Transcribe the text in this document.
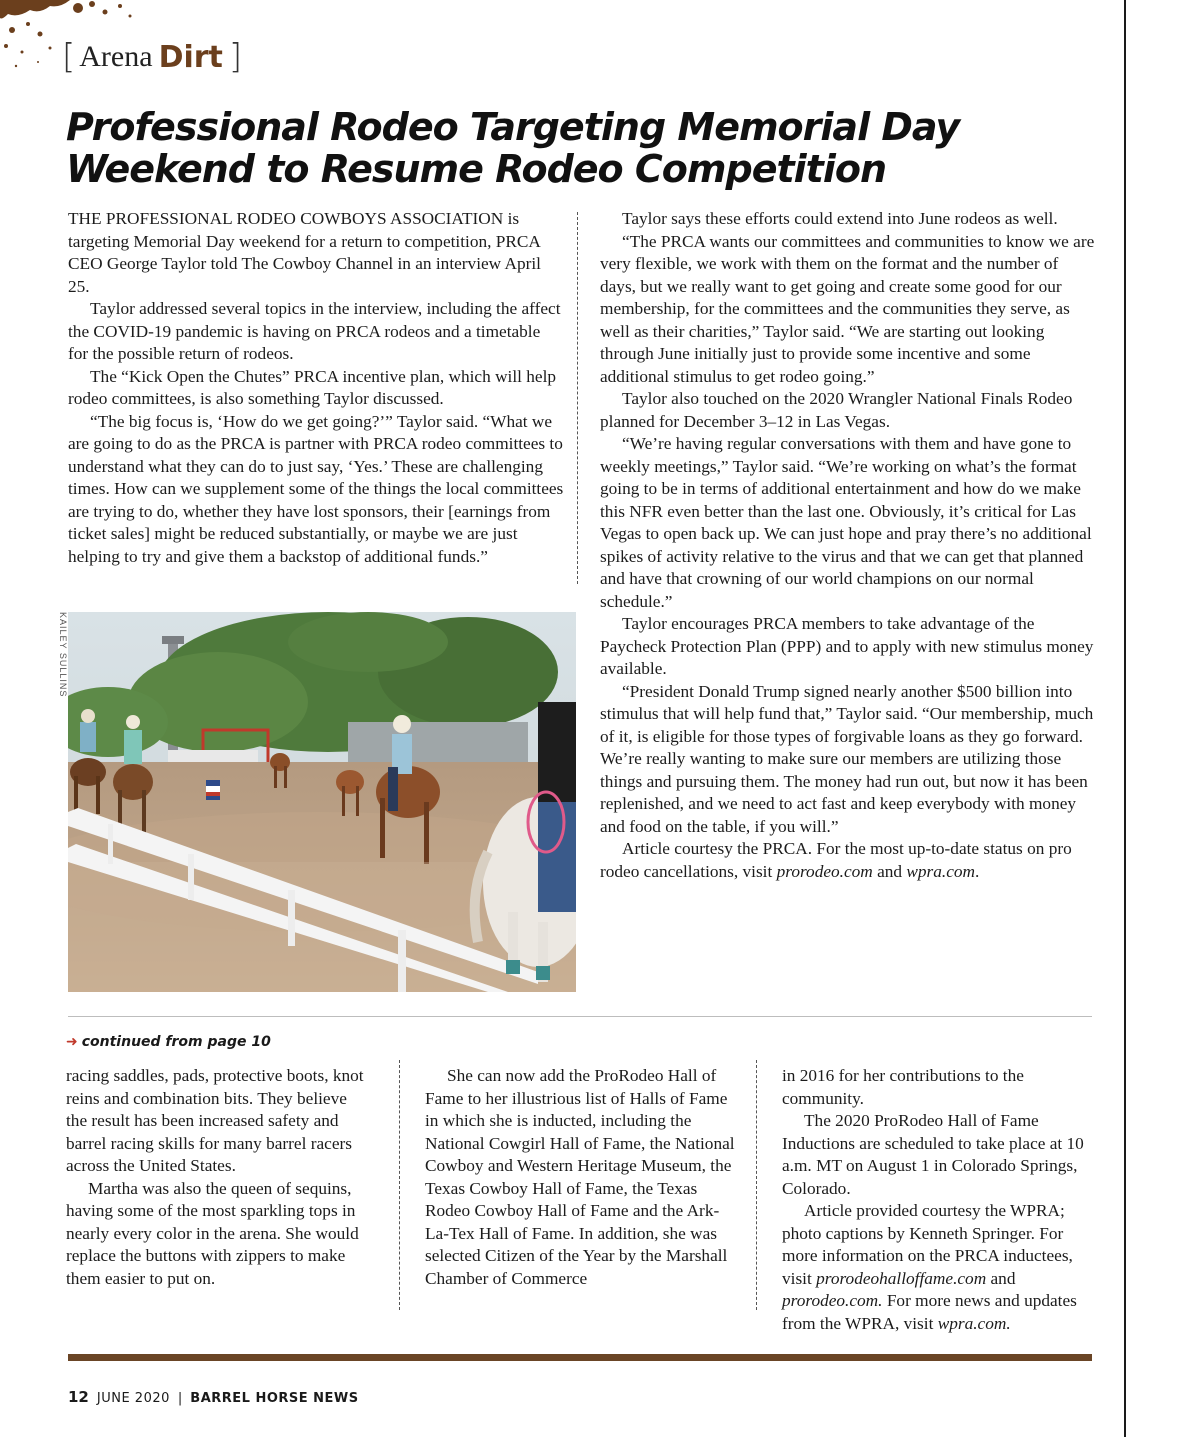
[ Arena Dirt ]
Professional Rodeo Targeting Memorial Day
Weekend to Resume Rodeo Competition

THE PROFESSIONAL RODEO COWBOYS ASSOCIATION is targeting Memorial Day weekend for a return to competition, PRCA CEO George Taylor told The Cowboy Channel in an interview April 25.

Taylor addressed several topics in the interview, including the affect the COVID-19 pandemic is having on PRCA rodeos and a timetable for the possible return of rodeos.

The “Kick Open the Chutes” PRCA incentive plan, which will help rodeo committees, is also something Taylor discussed.

“The big focus is, ‘How do we get going?’” Taylor said. “What we are going to do as the PRCA is partner with PRCA rodeo committees to understand what they can do to just say, ‘Yes.’ These are challenging times. How can we supplement some of the things the local committees are trying to do, whether they have lost sponsors, their [earnings from ticket sales] might be reduced substantially, or maybe we are just helping to try and give them a backstop of additional funds.”

KAILEY SULLINS

Taylor says these efforts could extend into June rodeos as well.

“The PRCA wants our committees and communities to know we are very flexible, we work with them on the format and the number of days, but we really want to get going and create some good for our membership, for the committees and the communities they serve, as well as their charities,” Taylor said. “We are starting out looking through June initially just to provide some incentive and some additional stimulus to get rodeo going.”

Taylor also touched on the 2020 Wrangler National Finals Rodeo planned for December 3–12 in Las Vegas.

“We’re having regular conversations with them and have gone to weekly meetings,” Taylor said. “We’re working on what’s the format going to be in terms of additional entertainment and how do we make this NFR even better than the last one. Obviously, it’s critical for Las Vegas to open back up. We can just hope and pray there’s no additional spikes of activity relative to the virus and that we can get that planned and have that crowning of our world champions on our normal schedule.”

Taylor encourages PRCA members to take advantage of the Paycheck Protection Plan (PPP) and to apply with new stimulus money available.

“President Donald Trump signed nearly another $500 billion into stimulus that will help fund that,” Taylor said. “Our membership, much of it, is eligible for those types of forgivable loans as they go forward. We’re really wanting to make sure our members are utilizing those things and pursuing them. The money had run out, but now it has been replenished, and we need to act fast and keep everybody with money and food on the table, if you will.”

Article courtesy the PRCA. For the most up-to-date status on pro rodeo cancellations, visit prorodeo.com and wpra.com.

➜ continued from page 10

racing saddles, pads, protective boots, knot reins and combination bits. They believe the result has been increased safety and barrel racing skills for many barrel racers across the United States.

Martha was also the queen of sequins, having some of the most sparkling tops in nearly every color in the arena. She would replace the buttons with zippers to make them easier to put on.

She can now add the ProRodeo Hall of Fame to her illustrious list of Halls of Fame in which she is inducted, including the National Cowgirl Hall of Fame, the National Cowboy and Western Heritage Museum, the Texas Cowboy Hall of Fame, the Texas Rodeo Cowboy Hall of Fame and the Ark-La-Tex Hall of Fame. In addition, she was selected Citizen of the Year by the Marshall Chamber of Commerce

in 2016 for her contributions to the community.

The 2020 ProRodeo Hall of Fame Inductions are scheduled to take place at 10 a.m. MT on August 1 in Colorado Springs, Colorado.

Article provided courtesy the WPRA; photo captions by Kenneth Springer. For more information on the PRCA inductees, visit prorodeohalloffame.com and prorodeo.com. For more news and updates from the WPRA, visit wpra.com.

12 JUNE 2020 | BARREL HORSE NEWS
